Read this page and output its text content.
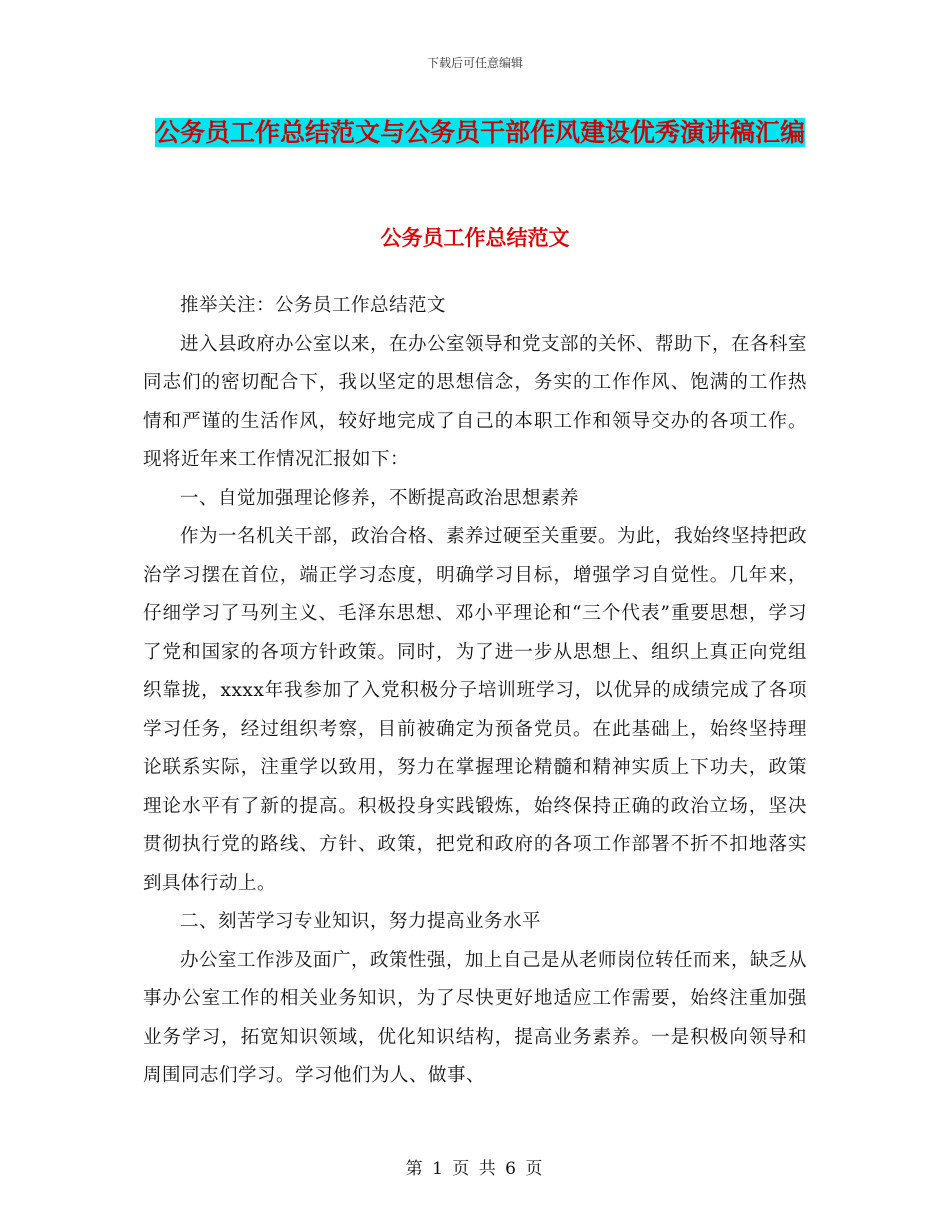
下载后可任意编辑
公务员工作总结范文与公务员干部作风建设优秀演讲稿汇编
公务员工作总结范文

推举关注：公务员工作总结范文

进入县政府办公室以来，在办公室领导和党支部的关怀、帮助下，在各科室同志们的密切配合下，我以坚定的思想信念，务实的工作作风、饱满的工作热情和严谨的生活作风，较好地完成了自己的本职工作和领导交办的各项工作。现将近年来工作情况汇报如下：

一、自觉加强理论修养，不断提高政治思想素养

作为一名机关干部，政治合格、素养过硬至关重要。为此，我始终坚持把政治学习摆在首位，端正学习态度，明确学习目标，增强学习自觉性。几年来，仔细学习了马列主义、毛泽东思想、邓小平理论和“三个代表”重要思想，学习了党和国家的各项方针政策。同时，为了进一步从思想上、组织上真正向党组织靠拢，xxxx年我参加了入党积极分子培训班学习，以优异的成绩完成了各项学习任务，经过组织考察，目前被确定为预备党员。在此基础上，始终坚持理论联系实际，注重学以致用，努力在掌握理论精髓和精神实质上下功夫，政策理论水平有了新的提高。积极投身实践锻炼，始终保持正确的政治立场，坚决贯彻执行党的路线、方针、政策，把党和政府的各项工作部署不折不扣地落实到具体行动上。

二、刻苦学习专业知识，努力提高业务水平

办公室工作涉及面广，政策性强，加上自己是从老师岗位转任而来，缺乏从事办公室工作的相关业务知识，为了尽快更好地适应工作需要，始终注重加强业务学习，拓宽知识领域，优化知识结构，提高业务素养。一是积极向领导和周围同志们学习。学习他们为人、做事、

第 1 页 共 6 页
